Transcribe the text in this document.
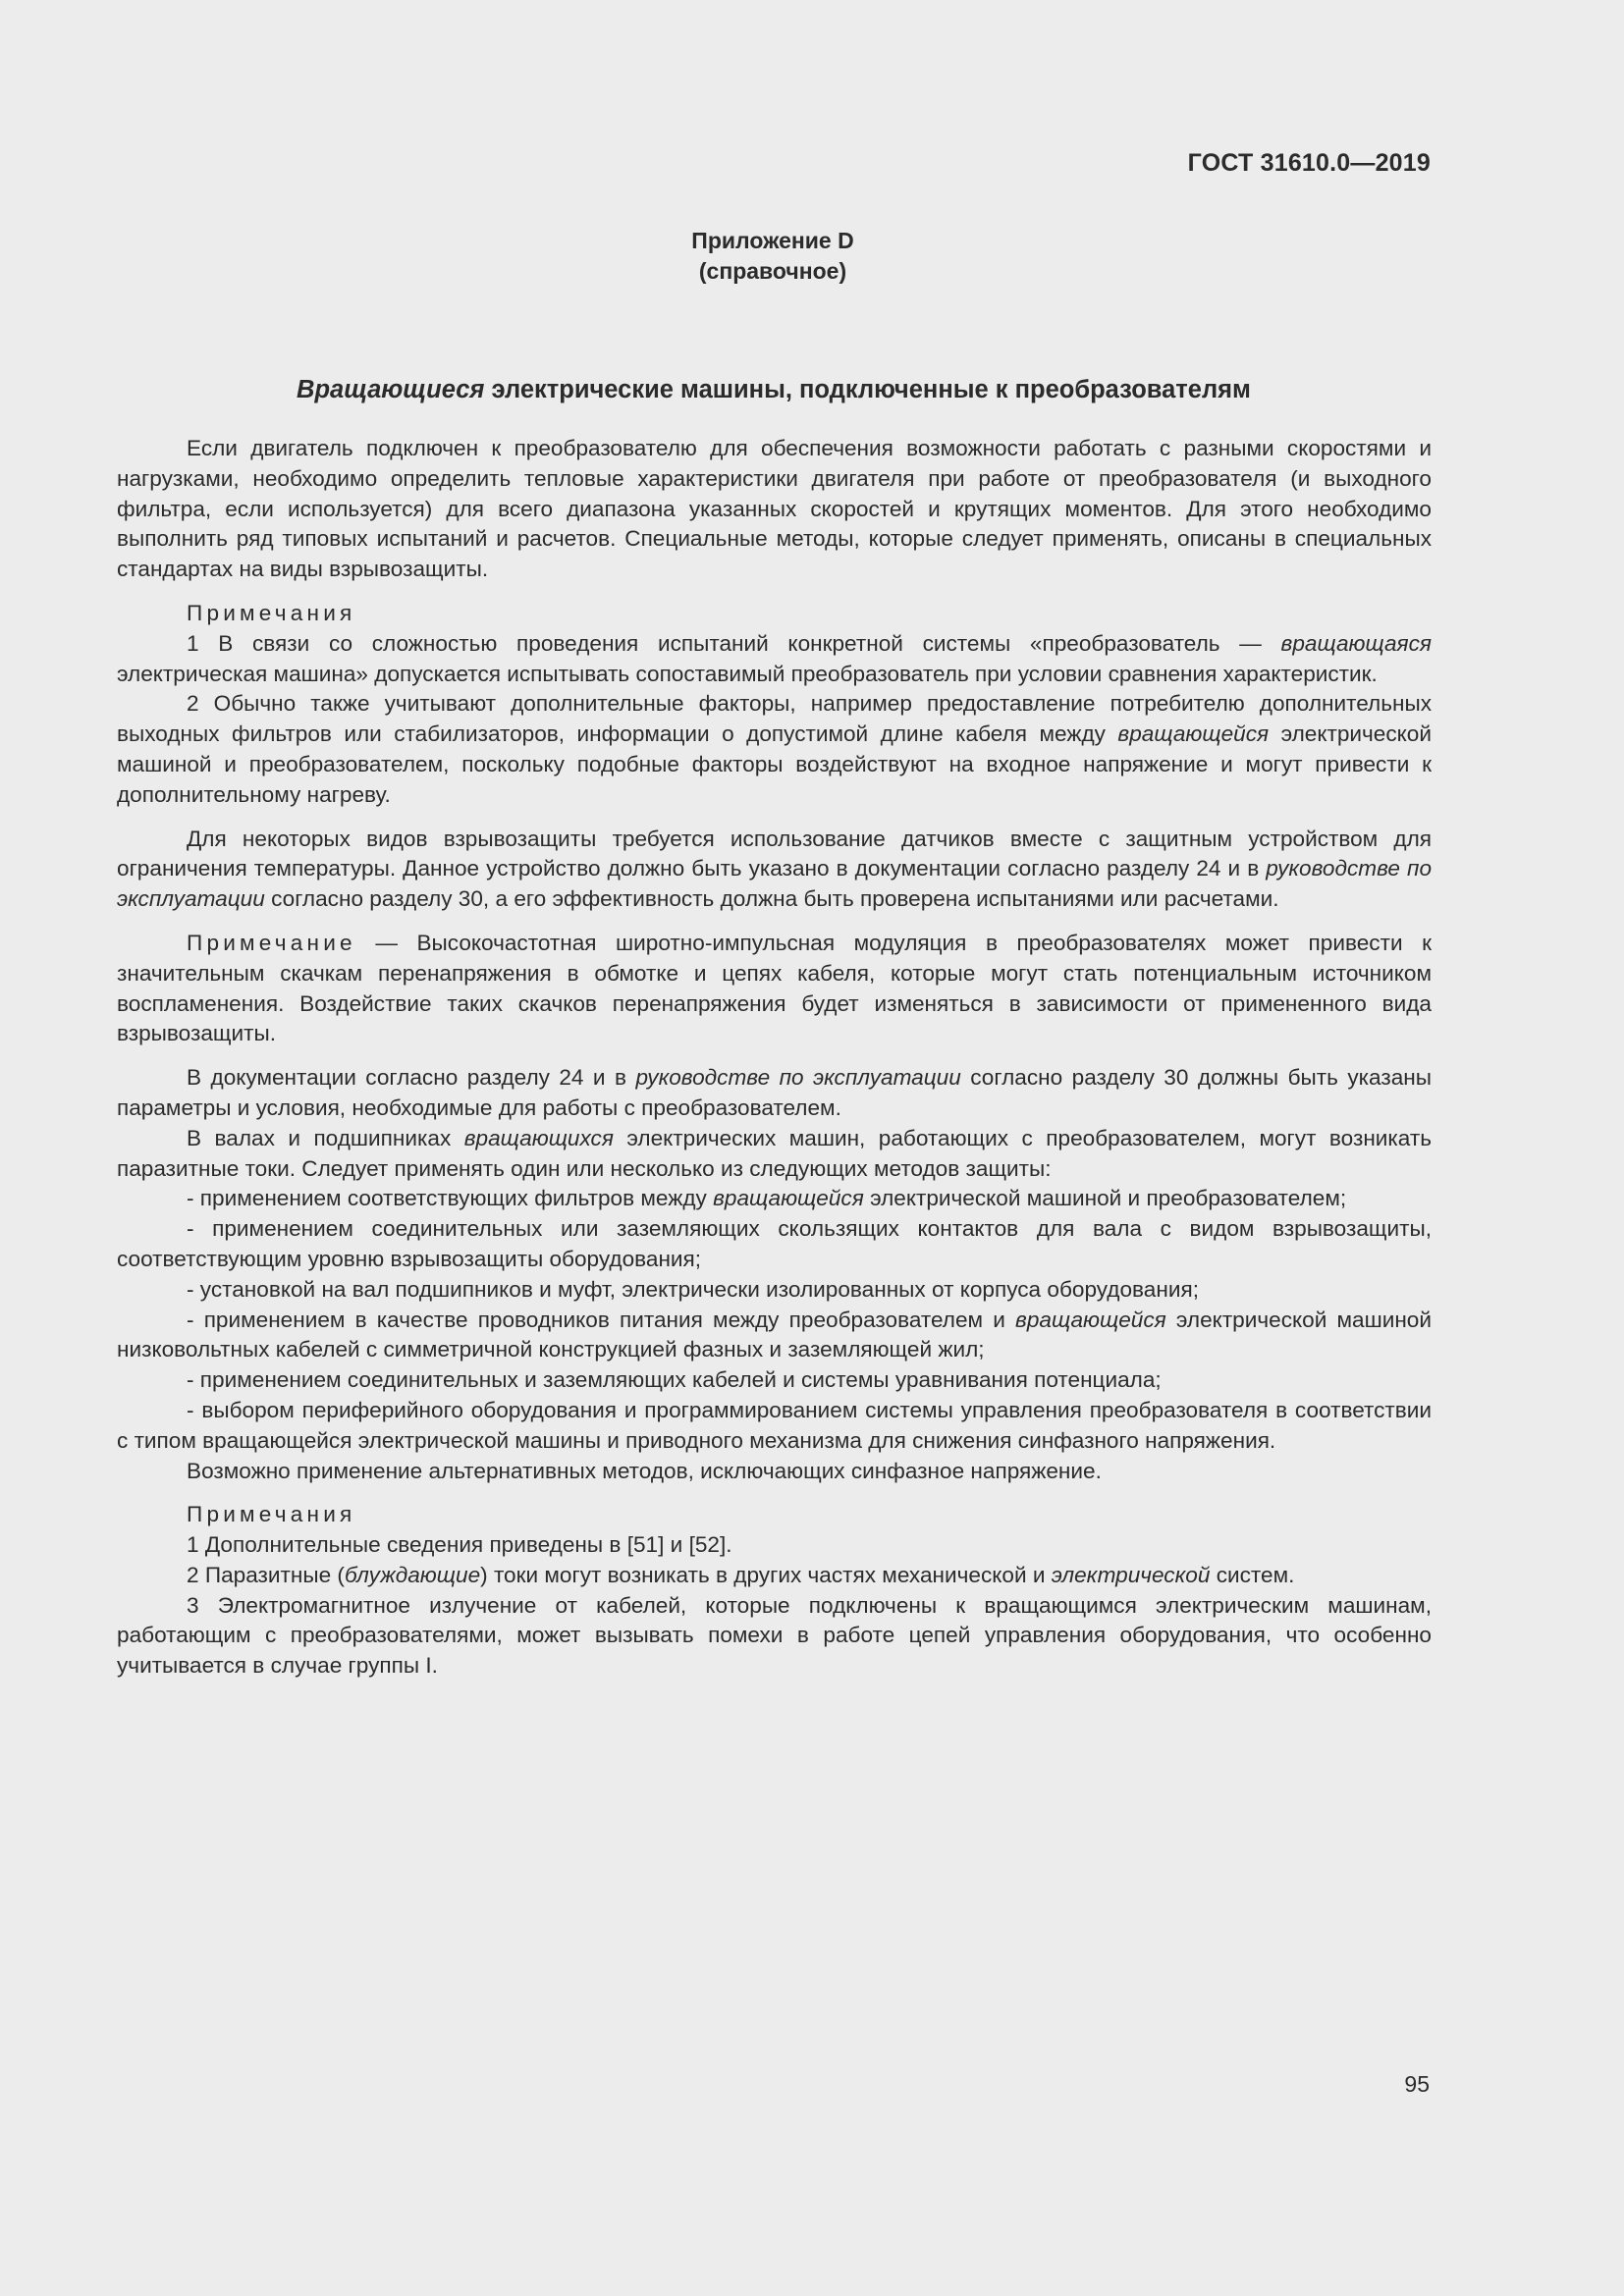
ГОСТ 31610.0—2019
Приложение D
(справочное)
Вращающиеся электрические машины, подключенные к преобразователям

Если двигатель подключен к преобразователю для обеспечения возможности работать с разными скоростями и нагрузками, необходимо определить тепловые характеристики двигателя при работе от преобразователя (и выходного фильтра, если используется) для всего диапазона указанных скоростей и крутящих моментов. Для этого необходимо выполнить ряд типовых испытаний и расчетов. Специальные методы, которые следует применять, описаны в специальных стандартах на виды взрывозащиты.

Примечания

1 В связи со сложностью проведения испытаний конкретной системы «преобразователь — вращающаяся электрическая машина» допускается испытывать сопоставимый преобразователь при условии сравнения характеристик.

2 Обычно также учитывают дополнительные факторы, например предоставление потребителю дополнительных выходных фильтров или стабилизаторов, информации о допустимой длине кабеля между вращающейся электрической машиной и преобразователем, поскольку подобные факторы воздействуют на входное напряжение и могут привести к дополнительному нагреву.

Для некоторых видов взрывозащиты требуется использование датчиков вместе с защитным устройством для ограничения температуры. Данное устройство должно быть указано в документации согласно разделу 24 и в руководстве по эксплуатации согласно разделу 30, а его эффективность должна быть проверена испытаниями или расчетами.

Примечание — Высокочастотная широтно-импульсная модуляция в преобразователях может привести к значительным скачкам перенапряжения в обмотке и цепях кабеля, которые могут стать потенциальным источником воспламенения. Воздействие таких скачков перенапряжения будет изменяться в зависимости от примененного вида взрывозащиты.

В документации согласно разделу 24 и в руководстве по эксплуатации согласно разделу 30 должны быть указаны параметры и условия, необходимые для работы с преобразователем.

В валах и подшипниках вращающихся электрических машин, работающих с преобразователем, могут возникать паразитные токи. Следует применять один или несколько из следующих методов защиты:

- применением соответствующих фильтров между вращающейся электрической машиной и преобразователем;

- применением соединительных или заземляющих скользящих контактов для вала с видом взрывозащиты, соответствующим уровню взрывозащиты оборудования;

- установкой на вал подшипников и муфт, электрически изолированных от корпуса оборудования;

- применением в качестве проводников питания между преобразователем и вращающейся электрической машиной низковольтных кабелей с симметричной конструкцией фазных и заземляющей жил;

- применением соединительных и заземляющих кабелей и системы уравнивания потенциала;

- выбором периферийного оборудования и программированием системы управления преобразователя в соответствии с типом вращающейся электрической машины и приводного механизма для снижения синфазного напряжения.

Возможно применение альтернативных методов, исключающих синфазное напряжение.

Примечания

1 Дополнительные сведения приведены в [51] и [52].

2 Паразитные (блуждающие) токи могут возникать в других частях механической и электрической систем.

3 Электромагнитное излучение от кабелей, которые подключены к вращающимся электрическим машинам, работающим с преобразователями, может вызывать помехи в работе цепей управления оборудования, что особенно учитывается в случае группы I.

95
